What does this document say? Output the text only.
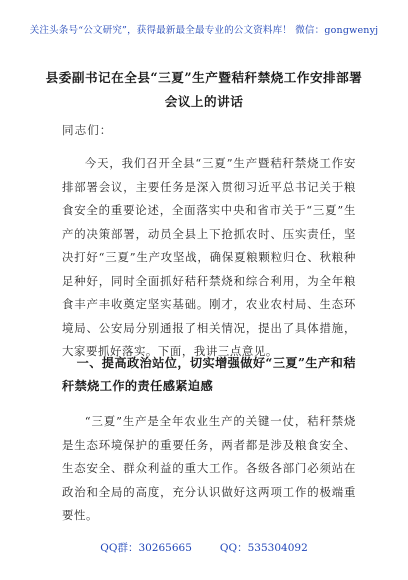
关注头条号“公文研究”，获得最新最全最专业的公文资料库！ 微信：gongwenyj
县委副书记在全县“三夏”生产暨秸秆禁烧工作安排部署会议上的讲话
同志们：
今天，我们召开全县“三夏”生产暨秸秆禁烧工作安排部署会议，主要任务是深入贯彻习近平总书记关于粮食安全的重要论述，全面落实中央和省市关于“三夏”生产的决策部署，动员全县上下抢抓农时、压实责任，坚决打好“三夏”生产攻坚战，确保夏粮颗粒归仓、秋粮种足种好，同时全面抓好秸秆禁烧和综合利用，为全年粮食丰产丰收奠定坚实基础。刚才，农业农村局、生态环境局、公安局分别通报了相关情况，提出了具体措施，大家要抓好落实。下面，我讲三点意见。
一、提高政治站位，切实增强做好“三夏”生产和秸秆禁烧工作的责任感紧迫感
“三夏”生产是全年农业生产的关键一仗，秸秆禁烧是生态环境保护的重要任务，两者都是涉及粮食安全、生态安全、群众利益的重大工作。各级各部门必须站在政治和全局的高度，充分认识做好这两项工作的极端重要性。
QQ群：30265665	QQ：535304092
